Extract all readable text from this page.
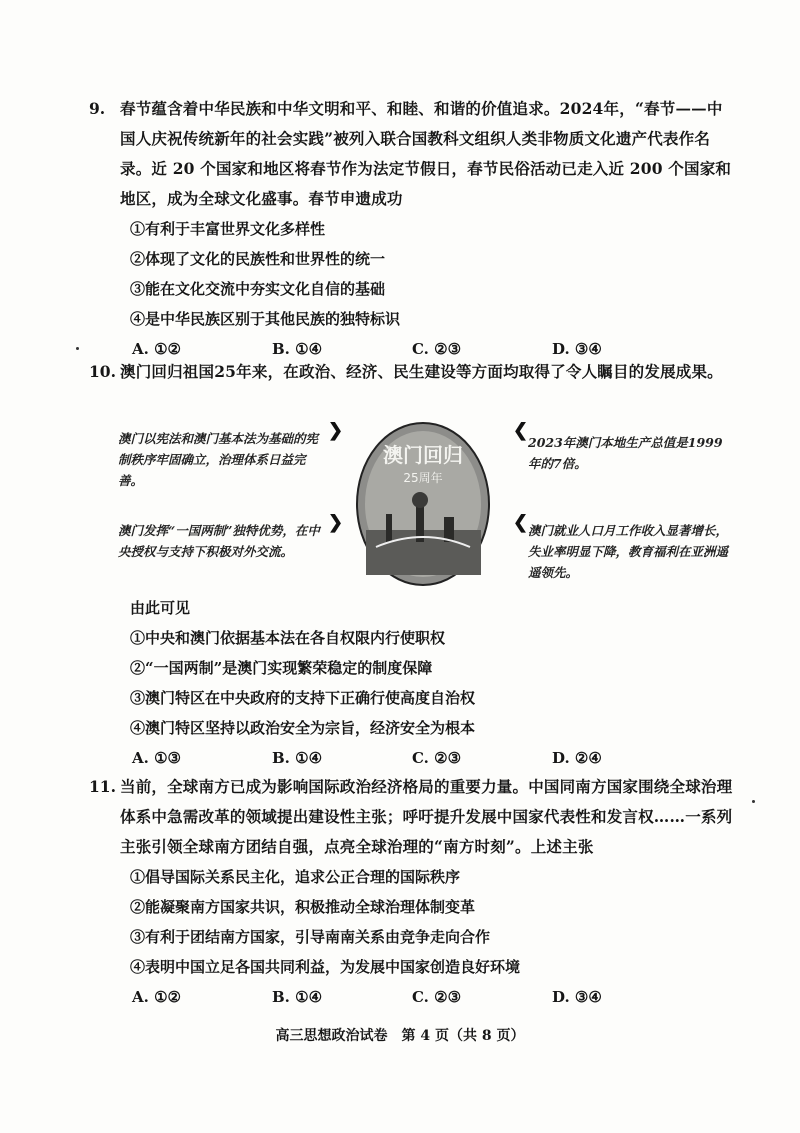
9. 春节蕴含着中华民族和中华文明和平、和睦、和谐的价值追求。2024年，“春节——中国人庆祝传统新年的社会实践”被列入联合国教科文组织人类非物质文化遗产代表作名录。近 20 个国家和地区将春节作为法定节假日，春节民俗活动已走入近 200 个国家和地区，成为全球文化盛事。春节申遗成功
①有利于丰富世界文化多样性
②体现了文化的民族性和世界性的统一
③能在文化交流中夯实文化自信的基础
④是中华民族区别于其他民族的独特标识
A. ①②	B. ①④	C. ②③	D. ③④
10. 澳门回归祖国25年来，在政治、经济、民生建设等方面均取得了令人瞩目的发展成果。
澳门以宪法和澳门基本法为基础的宪制秩序牢固确立，治理体系日益完善。
❯
澳门发挥“一国两制”独特优势，在中央授权与支持下积极对外交流。
❯
澳门回归
25周年
❮
2023年澳门本地生产总值是1999年的7倍。
❮ 澳门就业人口月工作收入显著增长，失业率明显下降，教育福利在亚洲遥遥领先。
由此可见
①中央和澳门依据基本法在各自权限内行使职权
②“一国两制”是澳门实现繁荣稳定的制度保障
③澳门特区在中央政府的支持下正确行使高度自治权
④澳门特区坚持以政治安全为宗旨，经济安全为根本
A. ①③	B. ①④	C. ②③	D. ②④
11. 当前，全球南方已成为影响国际政治经济格局的重要力量。中国同南方国家围绕全球治理体系中急需改革的领域提出建设性主张；呼吁提升发展中国家代表性和发言权……一系列主张引领全球南方团结自强，点亮全球治理的“南方时刻”。上述主张
①倡导国际关系民主化，追求公正合理的国际秩序
②能凝聚南方国家共识，积极推动全球治理体制变革
③有利于团结南方国家，引导南南关系由竞争走向合作
④表明中国立足各国共同利益，为发展中国家创造良好环境
A. ①②	B. ①④	C. ②③	D. ③④
高三思想政治试卷　第 4 页（共 8 页）
